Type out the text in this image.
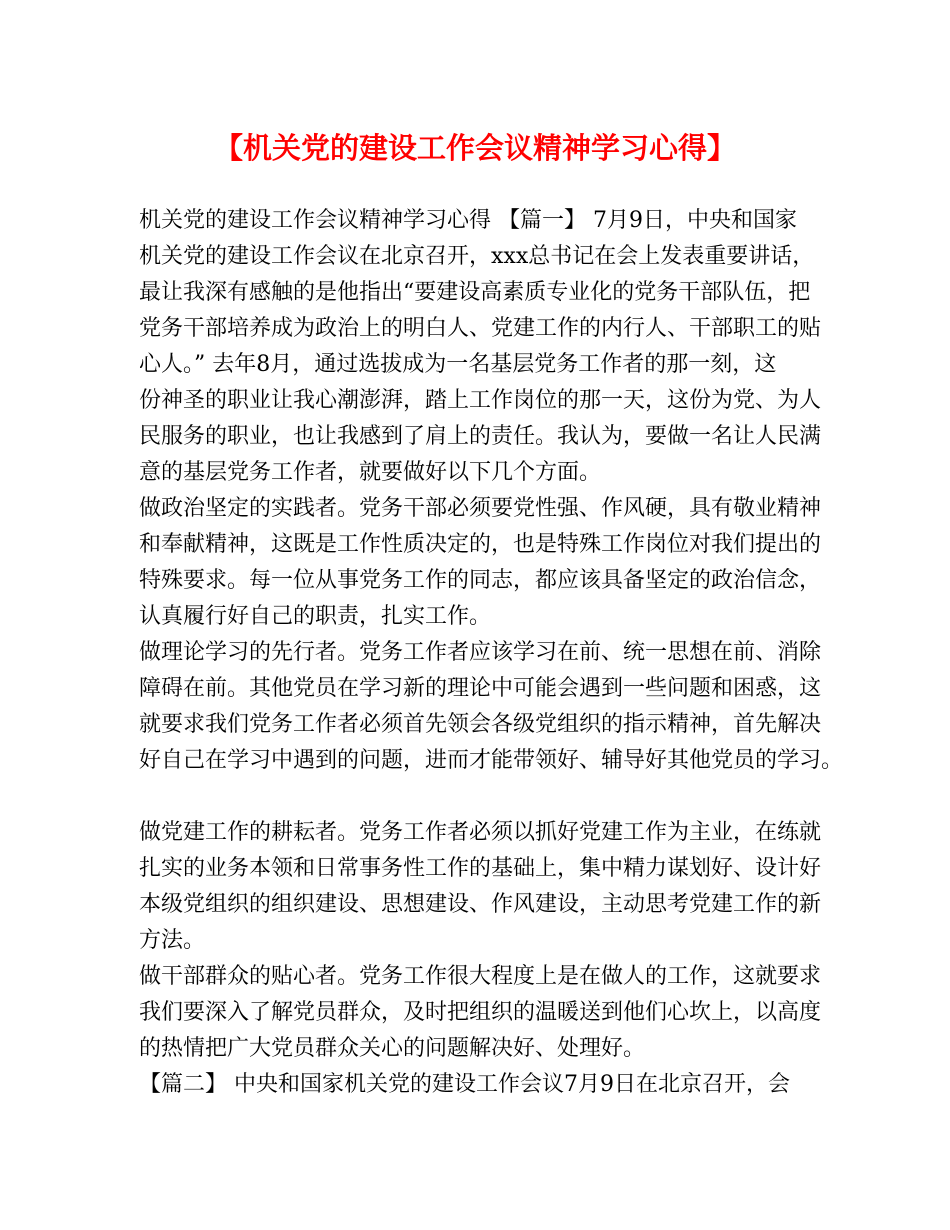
【机关党的建设工作会议精神学习心得】
机关党的建设工作会议精神学习心得 【篇一】 7月9日，中央和国家
机关党的建设工作会议在北京召开，xxx总书记在会上发表重要讲话，
最让我深有感触的是他指出“要建设高素质专业化的党务干部队伍，把
党务干部培养成为政治上的明白人、党建工作的内行人、干部职工的贴
心人。” 去年8月，通过选拔成为一名基层党务工作者的那一刻，这
份神圣的职业让我心潮澎湃，踏上工作岗位的那一天，这份为党、为人
民服务的职业，也让我感到了肩上的责任。我认为，要做一名让人民满
意的基层党务工作者，就要做好以下几个方面。
做政治坚定的实践者。党务干部必须要党性强、作风硬，具有敬业精神
和奉献精神，这既是工作性质决定的，也是特殊工作岗位对我们提出的
特殊要求。每一位从事党务工作的同志，都应该具备坚定的政治信念，
认真履行好自己的职责，扎实工作。
做理论学习的先行者。党务工作者应该学习在前、统一思想在前、消除
障碍在前。其他党员在学习新的理论中可能会遇到一些问题和困惑，这
就要求我们党务工作者必须首先领会各级党组织的指示精神，首先解决
好自己在学习中遇到的问题，进而才能带领好、辅导好其他党员的学习。
做党建工作的耕耘者。党务工作者必须以抓好党建工作为主业，在练就
扎实的业务本领和日常事务性工作的基础上，集中精力谋划好、设计好
本级党组织的组织建设、思想建设、作风建设，主动思考党建工作的新
方法。
做干部群众的贴心者。党务工作很大程度上是在做人的工作，这就要求
我们要深入了解党员群众，及时把组织的温暖送到他们心坎上，以高度
的热情把广大党员群众关心的问题解决好、处理好。
【篇二】 中央和国家机关党的建设工作会议7月9日在北京召开，会
